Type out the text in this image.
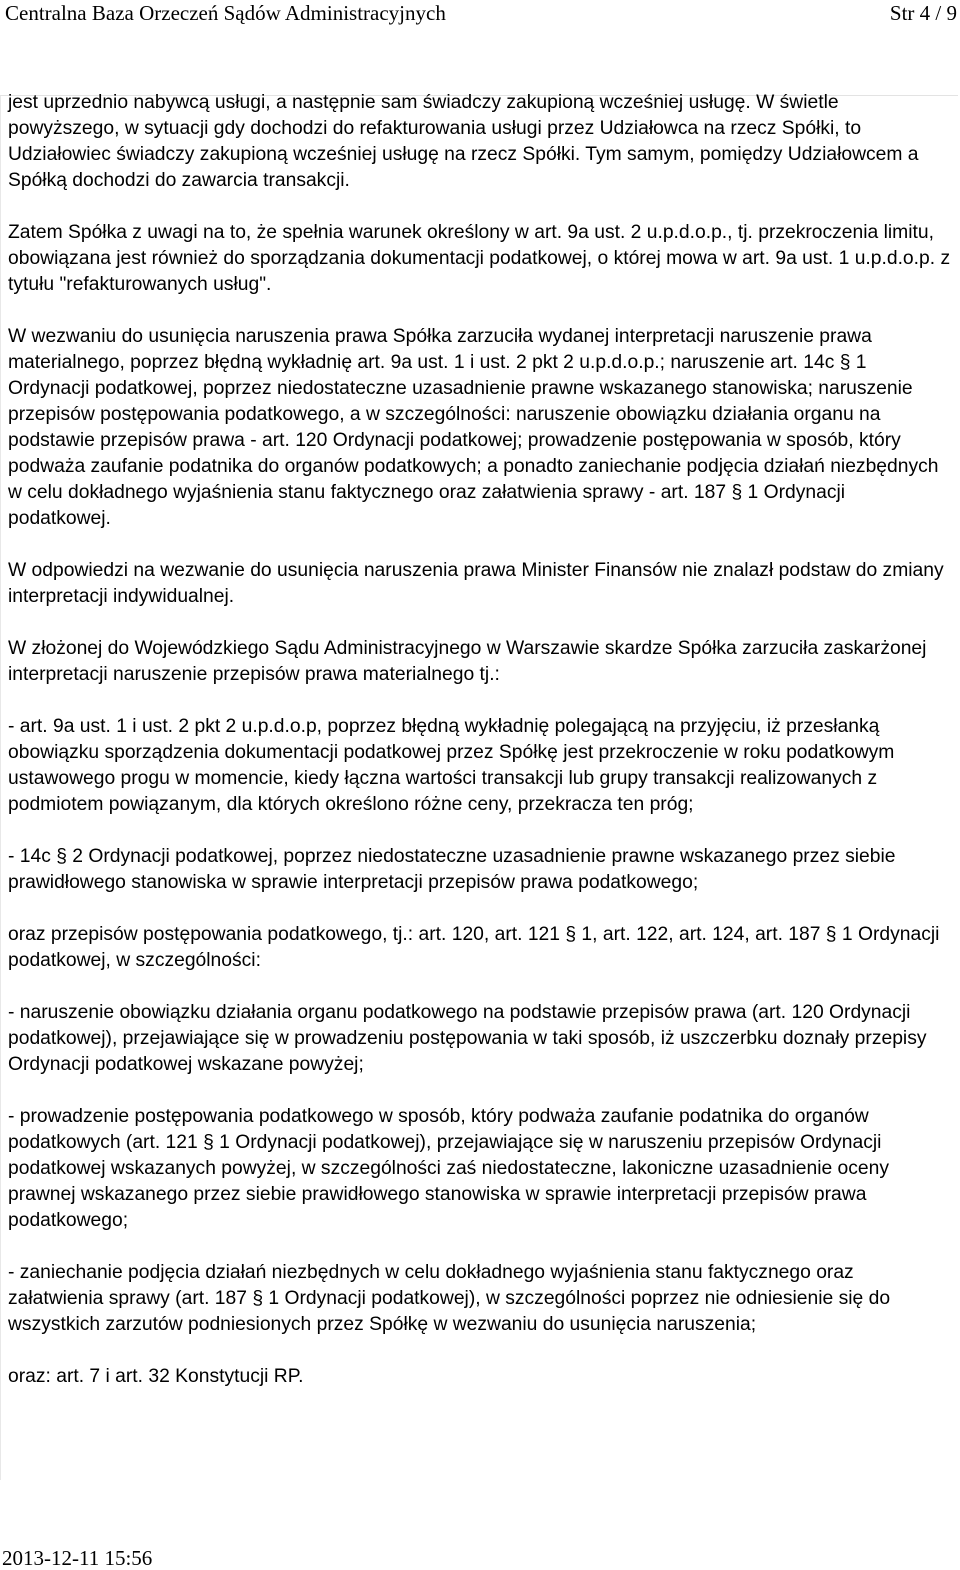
Centralna Baza Orzeczeń Sądów Administracyjnych	Str 4 / 9

jest uprzednio nabywcą usługi, a następnie sam świadczy zakupioną wcześniej usługę. W świetle powyższego, w sytuacji gdy dochodzi do refakturowania usługi przez Udziałowca na rzecz Spółki, to Udziałowiec świadczy zakupioną wcześniej usługę na rzecz Spółki. Tym samym, pomiędzy Udziałowcem a Spółką dochodzi do zawarcia transakcji.

Zatem Spółka z uwagi na to, że spełnia warunek określony w art. 9a ust. 2 u.p.d.o.p., tj. przekroczenia limitu, obowiązana jest również do sporządzania dokumentacji podatkowej, o której mowa w art. 9a ust. 1 u.p.d.o.p. z tytułu "refakturowanych usług".

W wezwaniu do usunięcia naruszenia prawa Spółka zarzuciła wydanej interpretacji naruszenie prawa materialnego, poprzez błędną wykładnię art. 9a ust. 1 i ust. 2 pkt 2 u.p.d.o.p.; naruszenie art. 14c § 1 Ordynacji podatkowej, poprzez niedostateczne uzasadnienie prawne wskazanego stanowiska; naruszenie przepisów postępowania podatkowego, a w szczególności: naruszenie obowiązku działania organu na podstawie przepisów prawa - art. 120 Ordynacji podatkowej; prowadzenie postępowania w sposób, który podważa zaufanie podatnika do organów podatkowych; a ponadto zaniechanie podjęcia działań niezbędnych w celu dokładnego wyjaśnienia stanu faktycznego oraz załatwienia sprawy - art. 187 § 1 Ordynacji podatkowej.

W odpowiedzi na wezwanie do usunięcia naruszenia prawa Minister Finansów nie znalazł podstaw do zmiany interpretacji indywidualnej.

W złożonej do Wojewódzkiego Sądu Administracyjnego w Warszawie skardze Spółka zarzuciła zaskarżonej interpretacji naruszenie przepisów prawa materialnego tj.:

- art. 9a ust. 1 i ust. 2 pkt 2 u.p.d.o.p, poprzez błędną wykładnię polegającą na przyjęciu, iż przesłanką obowiązku sporządzenia dokumentacji podatkowej przez Spółkę jest przekroczenie w roku podatkowym ustawowego progu w momencie, kiedy łączna wartości transakcji lub grupy transakcji realizowanych z podmiotem powiązanym, dla których określono różne ceny, przekracza ten próg;

- 14c § 2 Ordynacji podatkowej, poprzez niedostateczne uzasadnienie prawne wskazanego przez siebie prawidłowego stanowiska w sprawie interpretacji przepisów prawa podatkowego;

oraz przepisów postępowania podatkowego, tj.: art. 120, art. 121 § 1, art. 122, art. 124, art. 187 § 1 Ordynacji podatkowej, w szczególności:

- naruszenie obowiązku działania organu podatkowego na podstawie przepisów prawa (art. 120 Ordynacji podatkowej), przejawiające się w prowadzeniu postępowania w taki sposób, iż uszczerbku doznały przepisy Ordynacji podatkowej wskazane powyżej;

- prowadzenie postępowania podatkowego w sposób, który podważa zaufanie podatnika do organów podatkowych (art. 121 § 1 Ordynacji podatkowej), przejawiające się w naruszeniu przepisów Ordynacji podatkowej wskazanych powyżej, w szczególności zaś niedostateczne, lakoniczne uzasadnienie oceny prawnej wskazanego przez siebie prawidłowego stanowiska w sprawie interpretacji przepisów prawa podatkowego;

- zaniechanie podjęcia działań niezbędnych w celu dokładnego wyjaśnienia stanu faktycznego oraz załatwienia sprawy (art. 187 § 1 Ordynacji podatkowej), w szczególności poprzez nie odniesienie się do wszystkich zarzutów podniesionych przez Spółkę w wezwaniu do usunięcia naruszenia;

oraz: art. 7 i art. 32 Konstytucji RP.

2013-12-11 15:56
